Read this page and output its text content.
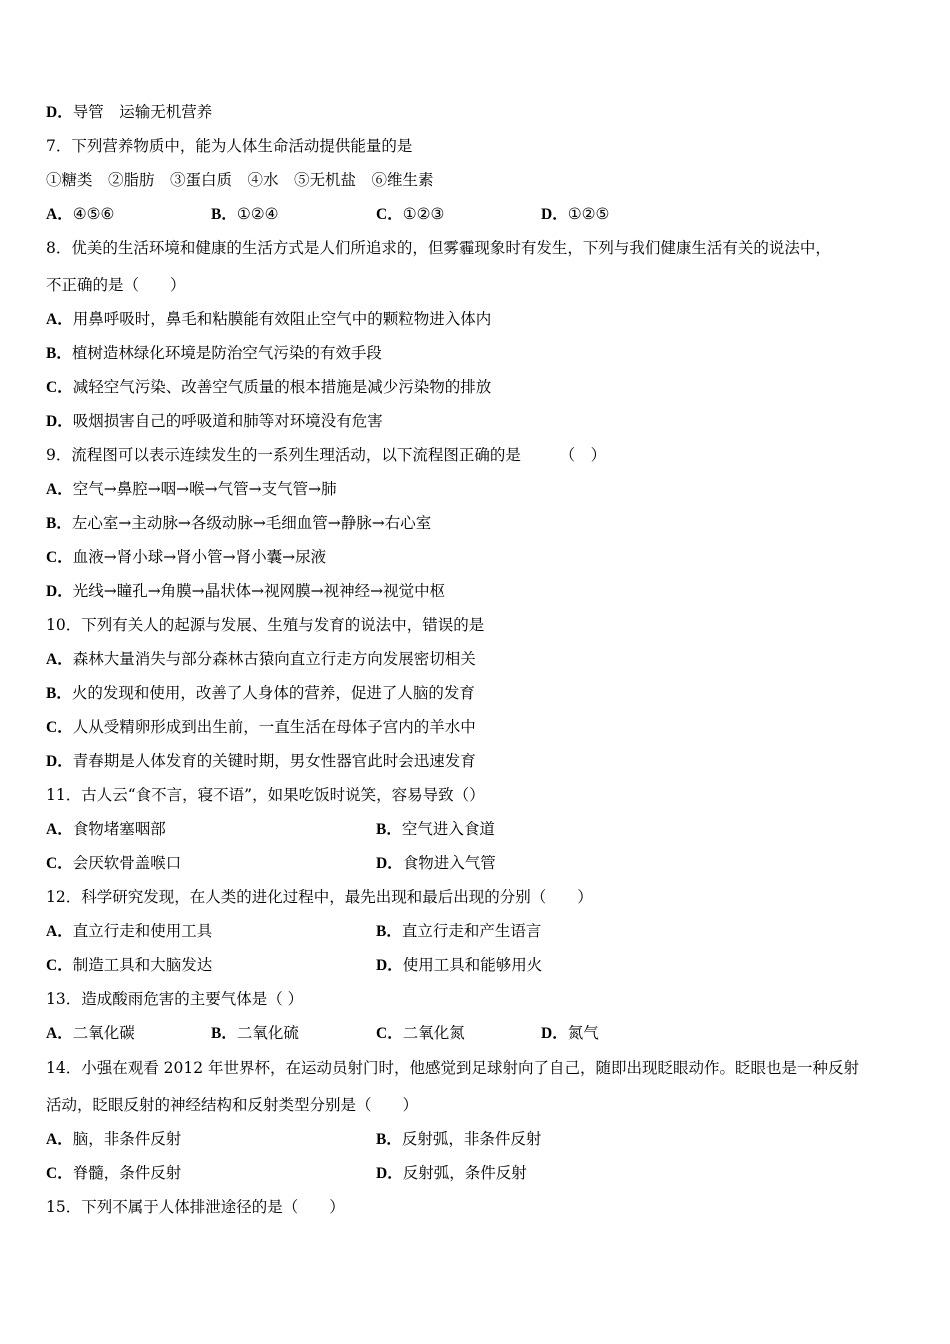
D．导管　运输无机营养
7．下列营养物质中，能为人体生命活动提供能量的是
①糖类　②脂肪　③蛋白质　④水　⑤无机盐　⑥维生素
A．④⑤⑥	B．①②④	C．①②③	D．①②⑤
8．优美的生活环境和健康的生活方式是人们所追求的，但雾霾现象时有发生，下列与我们健康生活有关的说法中，
不正确的是（　　）
A．用鼻呼吸时，鼻毛和粘膜能有效阻止空气中的颗粒物进入体内
B．植树造林绿化环境是防治空气污染的有效手段
C．减轻空气污染、改善空气质量的根本措施是减少污染物的排放
D．吸烟损害自己的呼吸道和肺等对环境没有危害
9．流程图可以表示连续发生的一系列生理活动，以下流程图正确的是　　　（　）
A．空气→鼻腔→咽→喉→气管→支气管→肺
B．左心室→主动脉→各级动脉→毛细血管→静脉→右心室
C．血液→肾小球→肾小管→肾小囊→尿液
D．光线→瞳孔→角膜→晶状体→视网膜→视神经→视觉中枢
10．下列有关人的起源与发展、生殖与发育的说法中，错误的是
A．森林大量消失与部分森林古猿向直立行走方向发展密切相关
B．火的发现和使用，改善了人身体的营养，促进了人脑的发育
C．人从受精卵形成到出生前，一直生活在母体子宫内的羊水中
D．青春期是人体发育的关键时期，男女性器官此时会迅速发育
11．古人云“食不言，寝不语”，如果吃饭时说笑，容易导致（）
A．食物堵塞咽部	B．空气进入食道
C．会厌软骨盖喉口	D．食物进入气管
12．科学研究发现，在人类的进化过程中，最先出现和最后出现的分别（　　）
A．直立行走和使用工具	B．直立行走和产生语言
C．制造工具和大脑发达	D．使用工具和能够用火
13．造成酸雨危害的主要气体是（ ）
A．二氧化碳	B．二氧化硫	C．二氧化氮	D．氮气
14．小强在观看 2012 年世界杯，在运动员射门时，他感觉到足球射向了自己，随即出现眨眼动作。眨眼也是一种反射
活动，眨眼反射的神经结构和反射类型分别是（　　）
A．脑，非条件反射	B．反射弧，非条件反射
C．脊髓，条件反射	D．反射弧，条件反射
15．下列不属于人体排泄途径的是（　　）
